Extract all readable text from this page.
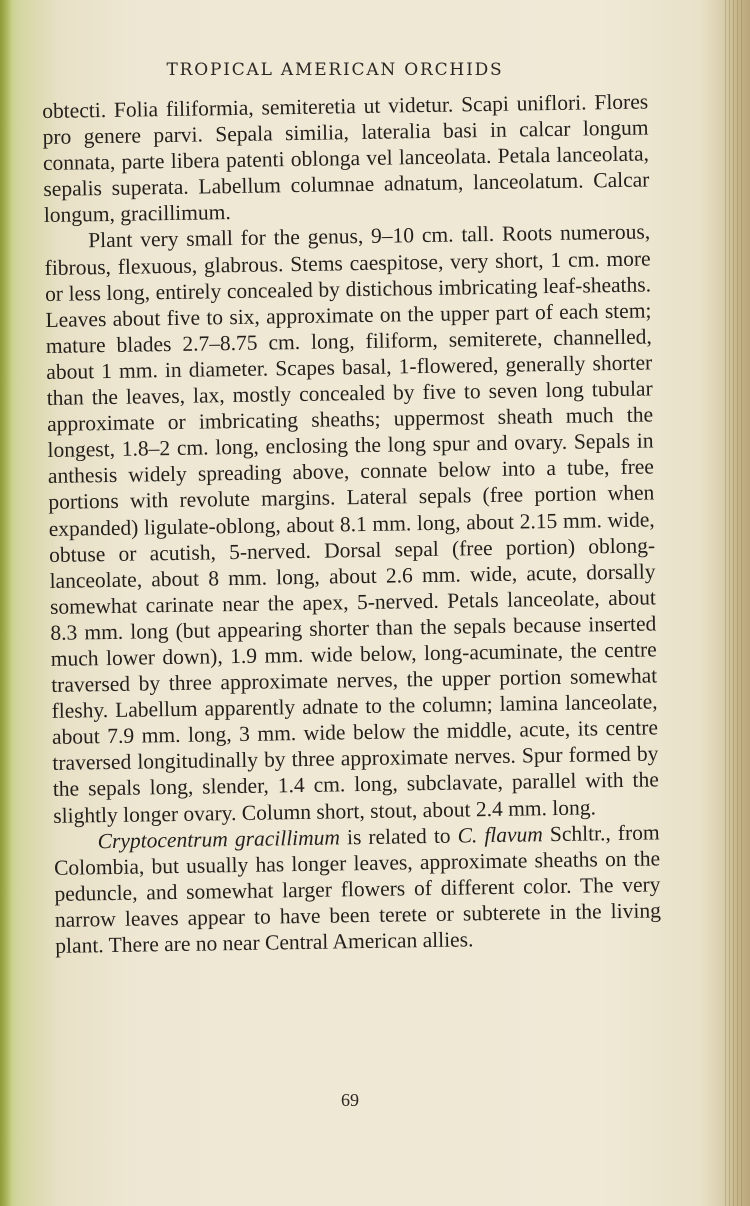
TROPICAL AMERICAN ORCHIDS

obtecti. Folia filiformia, semiteretia ut videtur. Scapi uniflori. Flores pro genere parvi. Sepala similia, lateralia basi in calcar longum connata, parte libera patenti oblonga vel lanceolata. Petala lanceolata, sepalis superata. Labellum columnae adnatum, lanceolatum. Calcar longum, gracillimum.

Plant very small for the genus, 9–10 cm. tall. Roots numerous, fibrous, flexuous, glabrous. Stems caespitose, very short, 1 cm. more or less long, entirely concealed by distichous imbricating leaf-sheaths. Leaves about five to six, approximate on the upper part of each stem; mature blades 2.7–8.75 cm. long, filiform, semiterete, channelled, about 1 mm. in diameter. Scapes basal, 1-flowered, generally shorter than the leaves, lax, mostly concealed by five to seven long tubular approximate or imbricating sheaths; uppermost sheath much the longest, 1.8–2 cm. long, enclosing the long spur and ovary. Sepals in anthesis widely spreading above, connate below into a tube, free portions with revolute margins. Lateral sepals (free portion when expanded) ligulate-oblong, about 8.1 mm. long, about 2.15 mm. wide, obtuse or acutish, 5-nerved. Dorsal sepal (free portion) oblong-lanceolate, about 8 mm. long, about 2.6 mm. wide, acute, dorsally somewhat carinate near the apex, 5-nerved. Petals lanceolate, about 8.3 mm. long (but appearing shorter than the sepals because inserted much lower down), 1.9 mm. wide below, long-acuminate, the centre traversed by three approximate nerves, the upper portion somewhat fleshy. Labellum apparently adnate to the column; lamina lanceolate, about 7.9 mm. long, 3 mm. wide below the middle, acute, its centre traversed longitudinally by three approximate nerves. Spur formed by the sepals long, slender, 1.4 cm. long, subclavate, parallel with the slightly longer ovary. Column short, stout, about 2.4 mm. long.

Cryptocentrum gracillimum is related to C. flavum Schltr., from Colombia, but usually has longer leaves, approximate sheaths on the peduncle, and somewhat larger flowers of different color. The very narrow leaves appear to have been terete or subterete in the living plant. There are no near Central American allies.

69
